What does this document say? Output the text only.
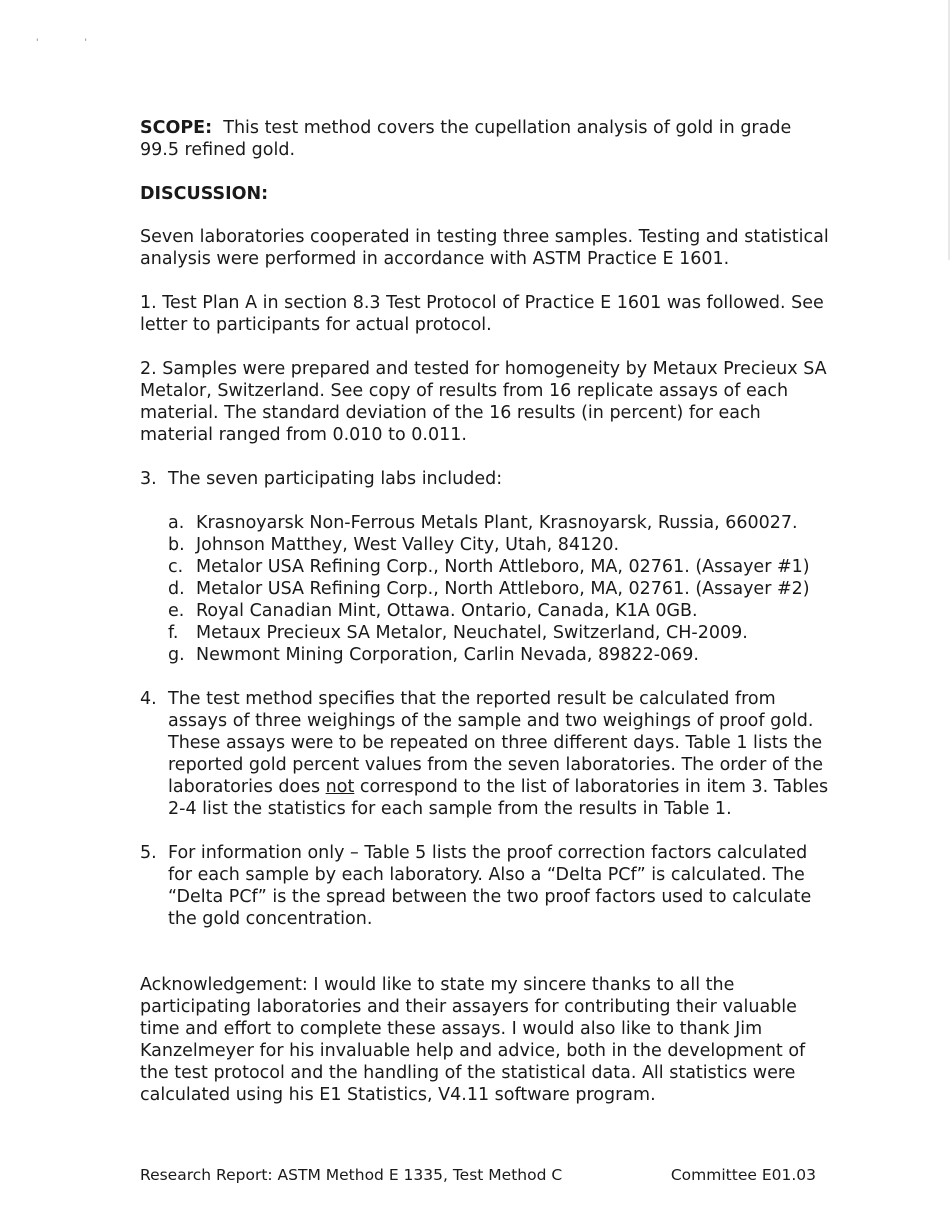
'	'

SCOPE: This test method covers the cupellation analysis of gold in grade 99.5 refined gold.

DISCUSSION:

Seven laboratories cooperated in testing three samples. Testing and statistical analysis were performed in accordance with ASTM Practice E 1601.

1. Test Plan A in section 8.3 Test Protocol of Practice E 1601 was followed. See letter to participants for actual protocol.

2. Samples were prepared and tested for homogeneity by Metaux Precieux SA Metalor, Switzerland. See copy of results from 16 replicate assays of each material. The standard deviation of the 16 results (in percent) for each material ranged from 0.010 to 0.011.

3. The seven participating labs included:
a. Krasnoyarsk Non-Ferrous Metals Plant, Krasnoyarsk, Russia, 660027.
b. Johnson Matthey, West Valley City, Utah, 84120.
c. Metalor USA Refining Corp., North Attleboro, MA, 02761. (Assayer #1)
d. Metalor USA Refining Corp., North Attleboro, MA, 02761. (Assayer #2)
e. Royal Canadian Mint, Ottawa. Ontario, Canada, K1A 0GB.
f.	Metaux Precieux SA Metalor, Neuchatel, Switzerland, CH-2009.
g. Newmont Mining Corporation, Carlin Nevada, 89822-069.
4. The test method specifies that the reported result be calculated from assays of three weighings of the sample and two weighings of proof gold. These assays were to be repeated on three different days. Table 1 lists the reported gold percent values from the seven laboratories. The order of the laboratories does not correspond to the list of laboratories in item 3. Tables 2-4 list the statistics for each sample from the results in Table 1.
5. For information only – Table 5 lists the proof correction factors calculated for each sample by each laboratory. Also a “Delta PCf” is calculated. The “Delta PCf” is the spread between the two proof factors used to calculate the gold concentration.

Acknowledgement: I would like to state my sincere thanks to all the participating laboratories and their assayers for contributing their valuable time and effort to complete these assays. I would also like to thank Jim Kanzelmeyer for his invaluable help and advice, both in the development of the test protocol and the handling of the statistical data. All statistics were calculated using his E1 Statistics, V4.11 software program.

Research Report: ASTM Method E 1335, Test Method C	Committee E01.03
